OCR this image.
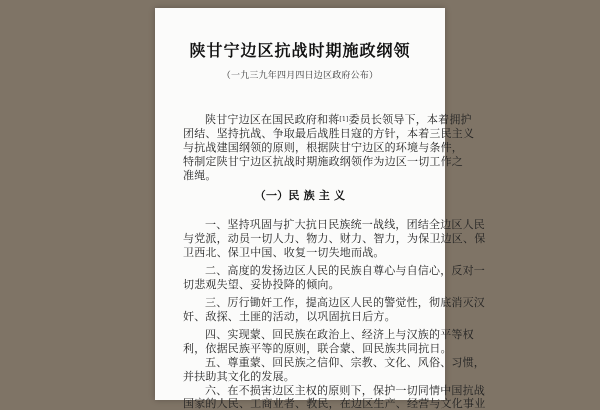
陕甘宁边区抗战时期施政纲领
（一九三九年四月四日边区政府公布）
陕甘宁边区在国民政府和蒋[1]委员长领导下，本着拥护
团结、坚持抗战、争取最后战胜日寇的方针，本着三民主义
与抗战建国纲领的原则，根据陕甘宁边区的环境与条件，
特制定陕甘宁边区抗战时期施政纲领作为边区一切工作之
准绳。
（一）民 族 主 义
一、坚持巩固与扩大抗日民族统一战线，团结全边区人民
与党派，动员一切人力、物力、财力、智力，为保卫边区、保
卫西北、保卫中国、收复一切失地而战。
二、高度的发扬边区人民的民族自尊心与自信心，反对一
切悲观失望、妥协投降的倾向。
三、厉行锄奸工作，提高边区人民的警觉性，彻底消灭汉
奸、敌探、土匪的活动，以巩固抗日后方。
四、实现蒙、回民族在政治上、经济上与汉族的平等权
利，依据民族平等的原则，联合蒙、回民族共同抗日。
五、尊重蒙、回民族之信仰、宗教、文化、风俗、习惯，
并扶助其文化的发展。
六、在不损害边区主权的原则下，保护一切同情中国抗战
国家的人民、工商业者、教民，在边区生产、经营与文化事业
